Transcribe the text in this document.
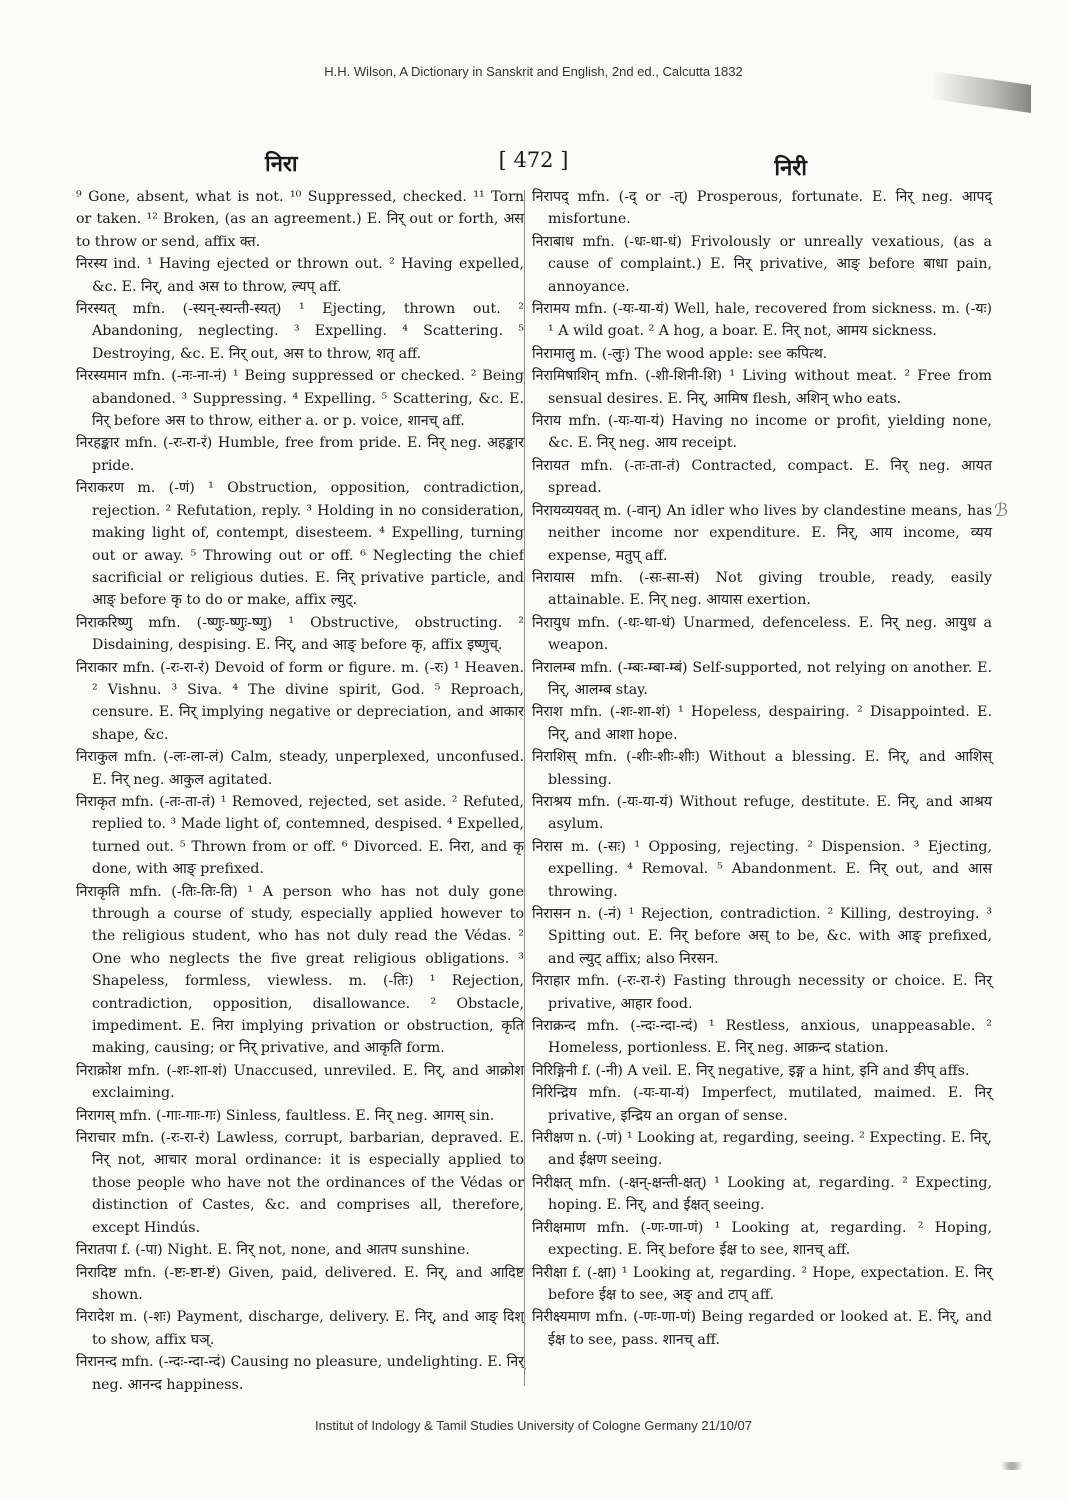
H.H. Wilson, A Dictionary in Sanskrit and English, 2nd ed., Calcutta 1832
निरा	[ 472 ]	निरी
⁹ Gone, absent, what is not. ¹⁰ Suppressed, checked. ¹¹ Torn or taken. ¹² Broken, (as an agreement.) E. निर् out or forth, अस to throw or send, affix क्त.
निरस्य ind. ¹ Having ejected or thrown out. ² Having expelled, &c. E. निर्, and अस to throw, ल्यप् aff.
निरस्यत् mfn. (-स्यन्-स्यन्ती-स्यत्) ¹ Ejecting, thrown out. ² Abandoning, neglecting. ³ Expelling. ⁴ Scattering. ⁵ Destroying, &c. E. निर् out, अस to throw, शतृ aff.
निरस्यमान mfn. (-नः-ना-नं) ¹ Being suppressed or checked. ² Being abandoned. ³ Suppressing. ⁴ Expelling. ⁵ Scattering, &c. E. निर् before अस to throw, either a. or p. voice, शानच् aff.
निरहङ्कार mfn. (-रः-रा-रं) Humble, free from pride. E. निर् neg. अहङ्कार pride.
निराकरण m. (-णं) ¹ Obstruction, opposition, contradiction, rejection. ² Refutation, reply. ³ Holding in no consideration, making light of, contempt, disesteem. ⁴ Expelling, turning out or away. ⁵ Throwing out or off. ⁶ Neglecting the chief sacrificial or religious duties. E. निर् privative particle, and आङ् before कृ to do or make, affix ल्युट्.
निराकरिष्णु mfn. (-ष्णुः-ष्णुः-ष्णु) ¹ Obstructive, obstructing. ² Disdaining, despising. E. निर्, and आङ् before कृ, affix इष्णुच्.
निराकार mfn. (-रः-रा-रं) Devoid of form or figure. m. (-रः) ¹ Heaven. ² Vishnu. ³ Siva. ⁴ The divine spirit, God. ⁵ Reproach, censure. E. निर् implying negative or depreciation, and आकार shape, &c.
निराकुल mfn. (-लः-ला-लं) Calm, steady, unperplexed, unconfused. E. निर् neg. आकुल agitated.
निराकृत mfn. (-तः-ता-तं) ¹ Removed, rejected, set aside. ² Refuted, replied to. ³ Made light of, contemned, despised. ⁴ Expelled, turned out. ⁵ Thrown from or off. ⁶ Divorced. E. निरा, and कृ done, with आङ् prefixed.
निराकृति mfn. (-तिः-तिः-ति) ¹ A person who has not duly gone through a course of study, especially applied however to the religious student, who has not duly read the Védas. ² One who neglects the five great religious obligations. ³ Shapeless, formless, viewless. m. (-तिः) ¹ Rejection, contradiction, opposition, disallowance. ² Obstacle, impediment. E. निरा implying privation or obstruction, कृति making, causing; or निर् privative, and आकृति form.
निराक्रोश mfn. (-शः-शा-शं) Unaccused, unreviled. E. निर्, and आक्रोश exclaiming.
निरागस् mfn. (-गाः-गाः-गः) Sinless, faultless. E. निर् neg. आगस् sin.
निराचार mfn. (-रः-रा-रं) Lawless, corrupt, barbarian, depraved. E. निर् not, आचार moral ordinance: it is especially applied to those people who have not the ordinances of the Védas or distinction of Castes, &c. and comprises all, therefore, except Hindús.
निरातपा f. (-पा) Night. E. निर् not, none, and आतप sunshine.
निरादिष्ट mfn. (-ष्टः-ष्टा-ष्टं) Given, paid, delivered. E. निर्, and आदिष्ट shown.
निरादेश m. (-शः) Payment, discharge, delivery. E. निर्, and आङ् दिश् to show, affix घञ्.
निरानन्द mfn. (-न्दः-न्दा-न्दं) Causing no pleasure, undelighting. E. निर् neg. आनन्द happiness.
निरापद् mfn. (-द् or -त्) Prosperous, fortunate. E. निर् neg. आपद् misfortune.
निराबाध mfn. (-धः-धा-धं) Frivolously or unreally vexatious, (as a cause of complaint.) E. निर् privative, आङ् before बाधा pain, annoyance.
निरामय mfn. (-यः-या-यं) Well, hale, recovered from sickness. m. (-यः) ¹ A wild goat. ² A hog, a boar. E. निर् not, आमय sickness.
निरामालु m. (-लुः) The wood apple: see कपित्थ.
निरामिषाशिन् mfn. (-शी-शिनी-शि) ¹ Living without meat. ² Free from sensual desires. E. निर्, आमिष flesh, अशिन् who eats.
निराय mfn. (-यः-या-यं) Having no income or profit, yielding none, &c. E. निर् neg. आय receipt.
निरायत mfn. (-तः-ता-तं) Contracted, compact. E. निर् neg. आयत spread.
निरायव्ययवत् m. (-वान्) An idler who lives by clandestine means, has neither income nor expenditure. E. निर्, आय income, व्यय expense, मतुप् aff.
निरायास mfn. (-सः-सा-सं) Not giving trouble, ready, easily attainable. E. निर् neg. आयास exertion.
निरायुध mfn. (-धः-धा-धं) Unarmed, defenceless. E. निर् neg. आयुध a weapon.
निरालम्ब mfn. (-म्बः-म्बा-म्बं) Self-supported, not relying on another. E. निर्, आलम्ब stay.
निराश mfn. (-शः-शा-शं) ¹ Hopeless, despairing. ² Disappointed. E. निर्, and आशा hope.
निराशिस् mfn. (-शीः-शीः-शीः) Without a blessing. E. निर्, and आशिस् blessing.
निराश्रय mfn. (-यः-या-यं) Without refuge, destitute. E. निर्, and आश्रय asylum.
निरास m. (-सः) ¹ Opposing, rejecting. ² Dispension. ³ Ejecting, expelling. ⁴ Removal. ⁵ Abandonment. E. निर् out, and आस throwing.
निरासन n. (-नं) ¹ Rejection, contradiction. ² Killing, destroying. ³ Spitting out. E. निर् before अस् to be, &c. with आङ् prefixed, and ल्युट् affix; also निरसन.
निराहार mfn. (-रः-रा-रं) Fasting through necessity or choice. E. निर् privative, आहार food.
निराक्रन्द mfn. (-न्दः-न्दा-न्दं) ¹ Restless, anxious, unappeasable. ² Homeless, portionless. E. निर् neg. आक्रन्द station.
निरिङ्गिनी f. (-नी) A veil. E. निर् negative, इङ्ग a hint, इनि and ङीप् affs.
निरिन्द्रिय mfn. (-यः-या-यं) Imperfect, mutilated, maimed. E. निर् privative, इन्द्रिय an organ of sense.
निरीक्षण n. (-णं) ¹ Looking at, regarding, seeing. ² Expecting. E. निर्, and ईक्षण seeing.
निरीक्षत् mfn. (-क्षन्-क्षन्ती-क्षत्) ¹ Looking at, regarding. ² Expecting, hoping. E. निर्, and ईक्षत् seeing.
निरीक्षमाण mfn. (-णः-णा-णं) ¹ Looking at, regarding. ² Hoping, expecting. E. निर् before ईक्ष to see, शानच् aff.
निरीक्षा f. (-क्षा) ¹ Looking at, regarding. ² Hope, expectation. E. निर् before ईक्ष to see, अङ् and टाप् aff.
निरीक्ष्यमाण mfn. (-णः-णा-णं) Being regarded or looked at. E. निर्, and ईक्ष to see, pass. शानच् aff.
ℬ
Institut of Indology & Tamil Studies University of Cologne Germany 21/10/07
